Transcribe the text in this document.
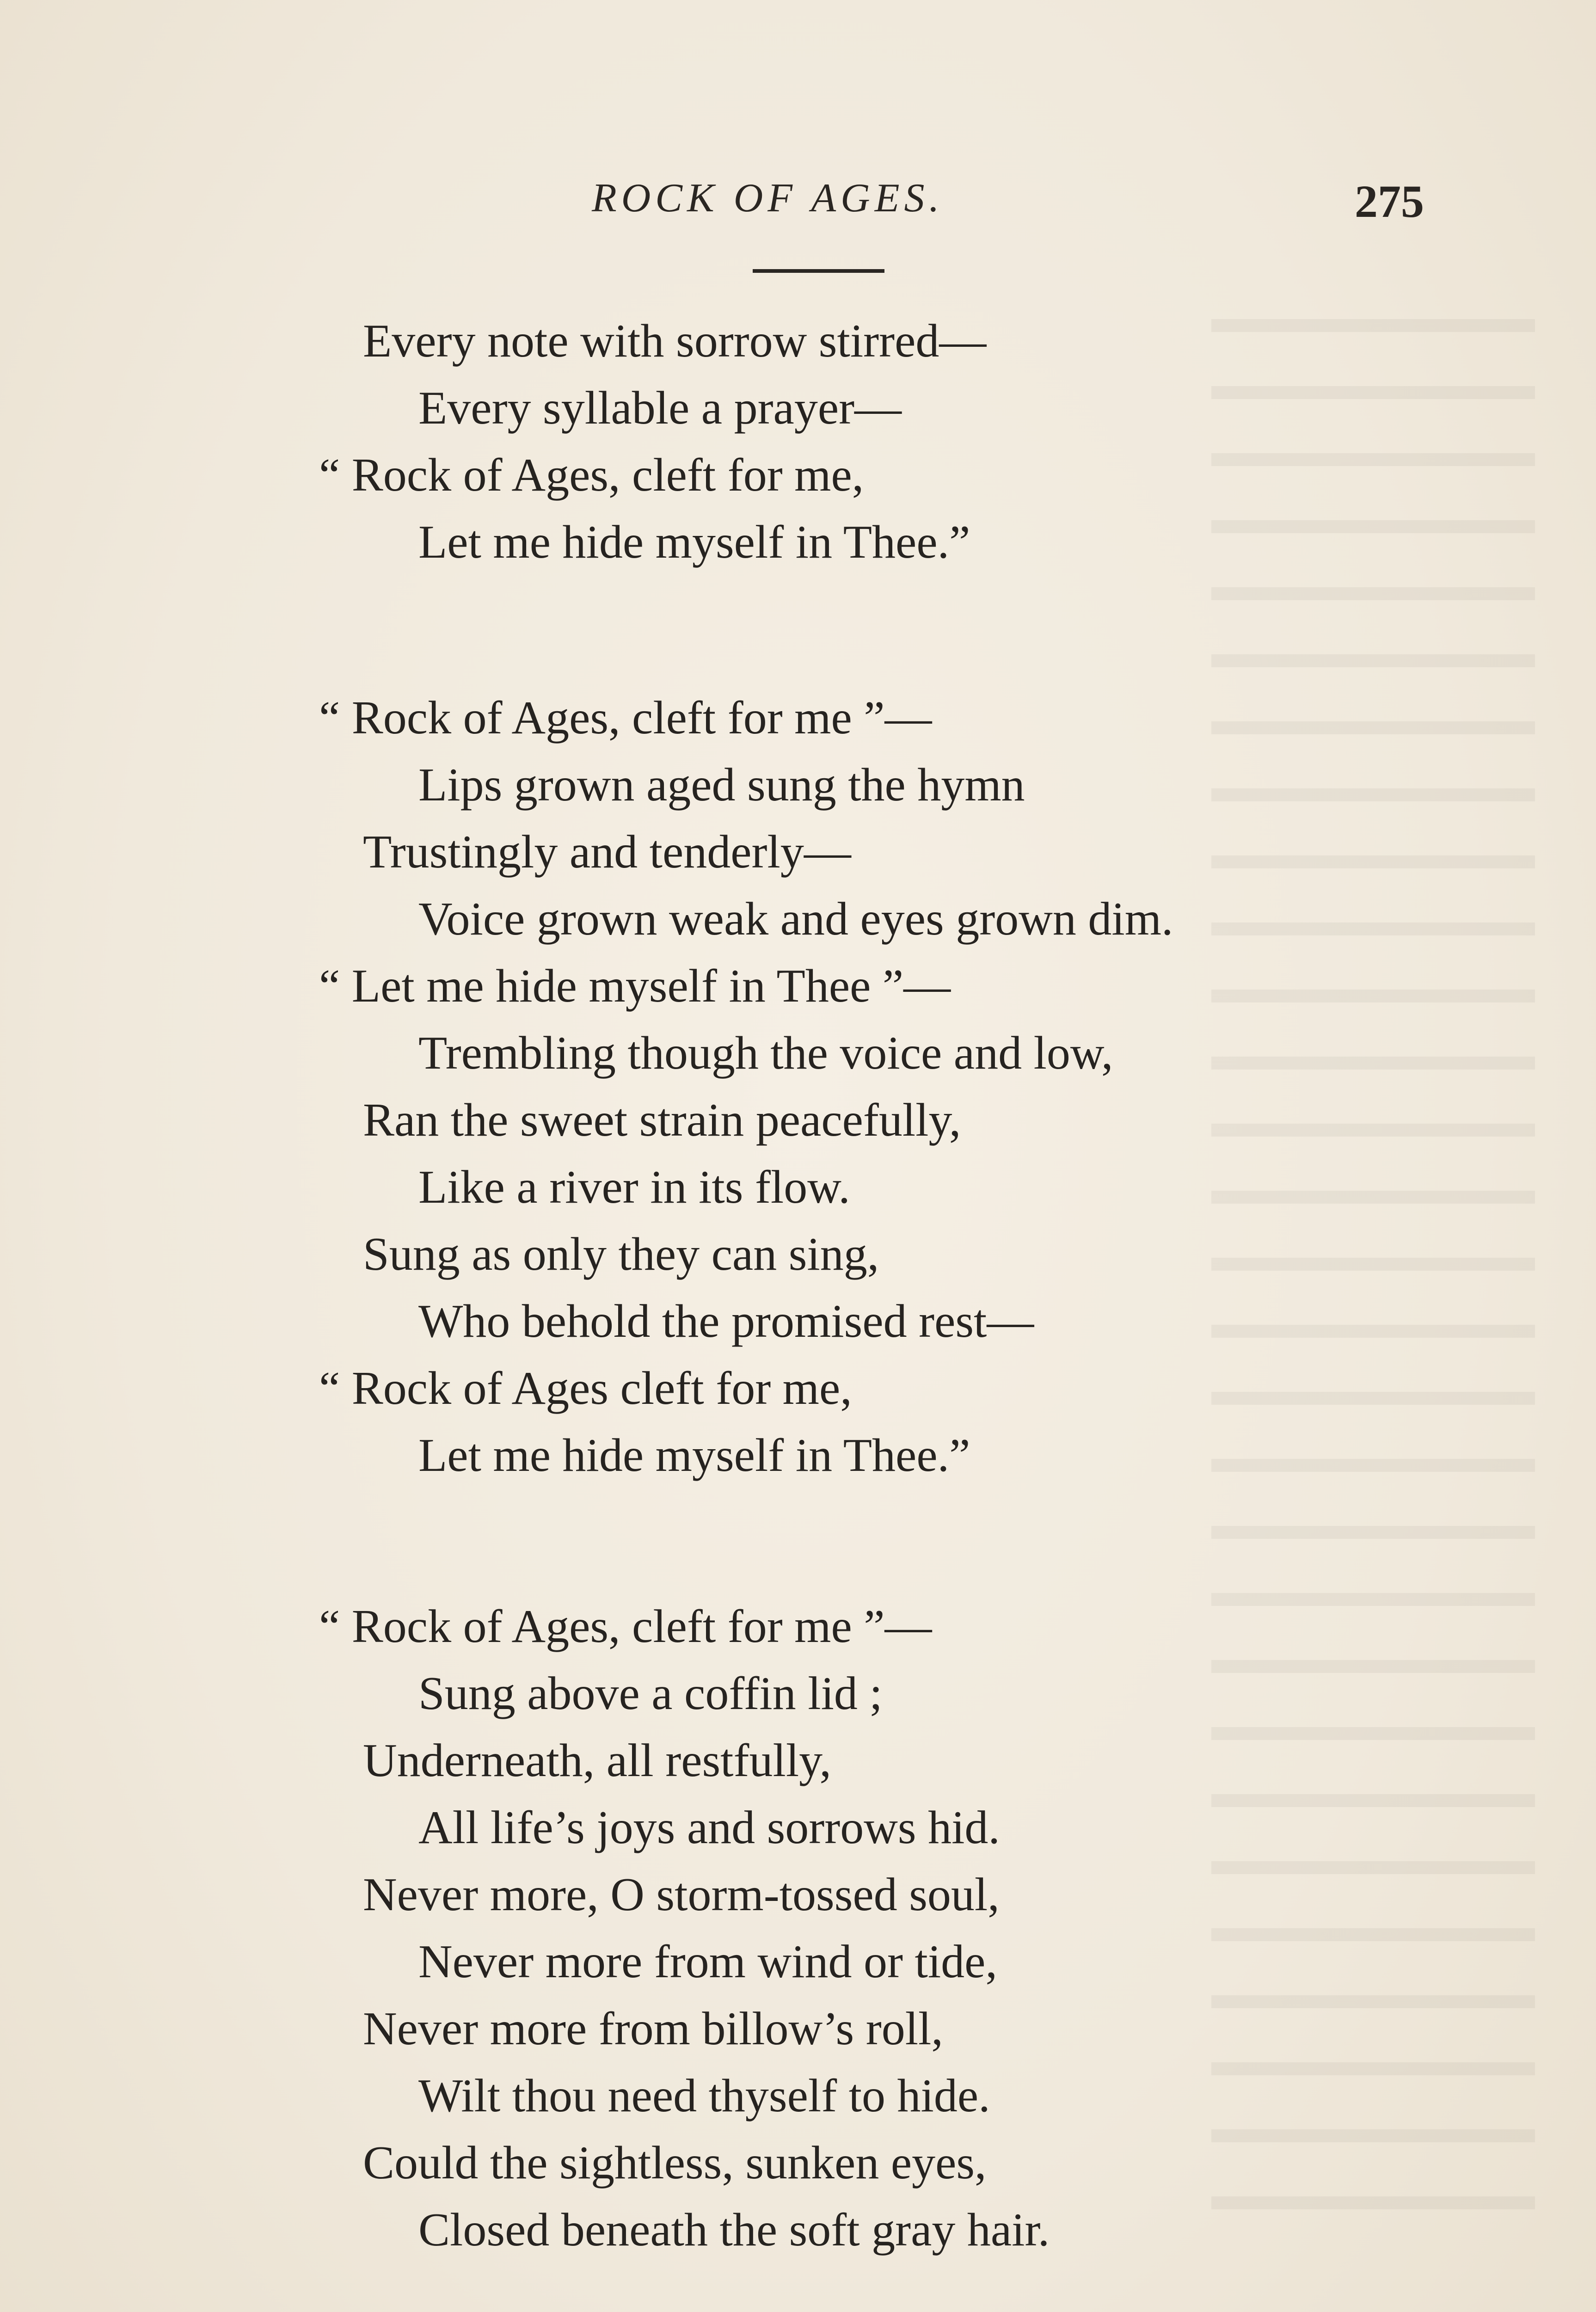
ROCK OF AGES.	275
Every note with sorrow stirred—
Every syllable a prayer—
“ Rock of Ages, cleft for me,
Let me hide myself in Thee.”
“ Rock of Ages, cleft for me ”—
Lips grown aged sung the hymn
Trustingly and tenderly—
Voice grown weak and eyes grown dim.
“ Let me hide myself in Thee ”—
Trembling though the voice and low,
Ran the sweet strain peacefully,
Like a river in its flow.
Sung as only they can sing,
Who behold the promised rest—
“ Rock of Ages cleft for me,
Let me hide myself in Thee.”
“ Rock of Ages, cleft for me ”—
Sung above a coffin lid ;
Underneath, all restfully,
All life’s joys and sorrows hid.
Never more, O storm-tossed soul,
Never more from wind or tide,
Never more from billow’s roll,
Wilt thou need thyself to hide.
Could the sightless, sunken eyes,
Closed beneath the soft gray hair.
